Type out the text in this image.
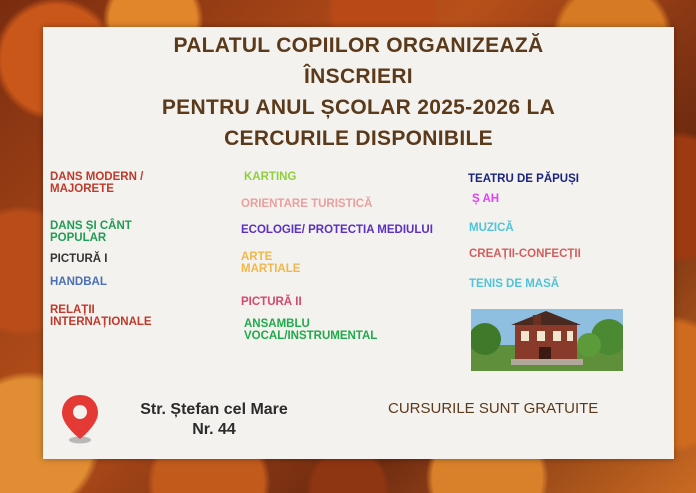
PALATUL COPIILOR ORGANIZEAZĂ
ÎNSCRIERI
PENTRU ANUL ȘCOLAR 2025-2026 LA
CERCURILE DISPONIBILE
DANS MODERN /
MAJORETE
DANS ȘI CÂNT
POPULAR
PICTURĂ I
HANDBAL
RELAȚII
INTERNAȚIONALE
KARTING
ORIENTARE TURISTICĂ
ECOLOGIE/ PROTECTIA MEDIULUI
ARTE
MARTIALE
PICTURĂ II
ANSAMBLU
VOCAL/INSTRUMENTAL
TEATRU DE PĂPUȘI
Ș AH
MUZICĂ
CREAȚII-CONFECȚII
TENIS DE MASĂ
Str. Ștefan cel Mare
Nr. 44
CURSURILE SUNT GRATUITE
